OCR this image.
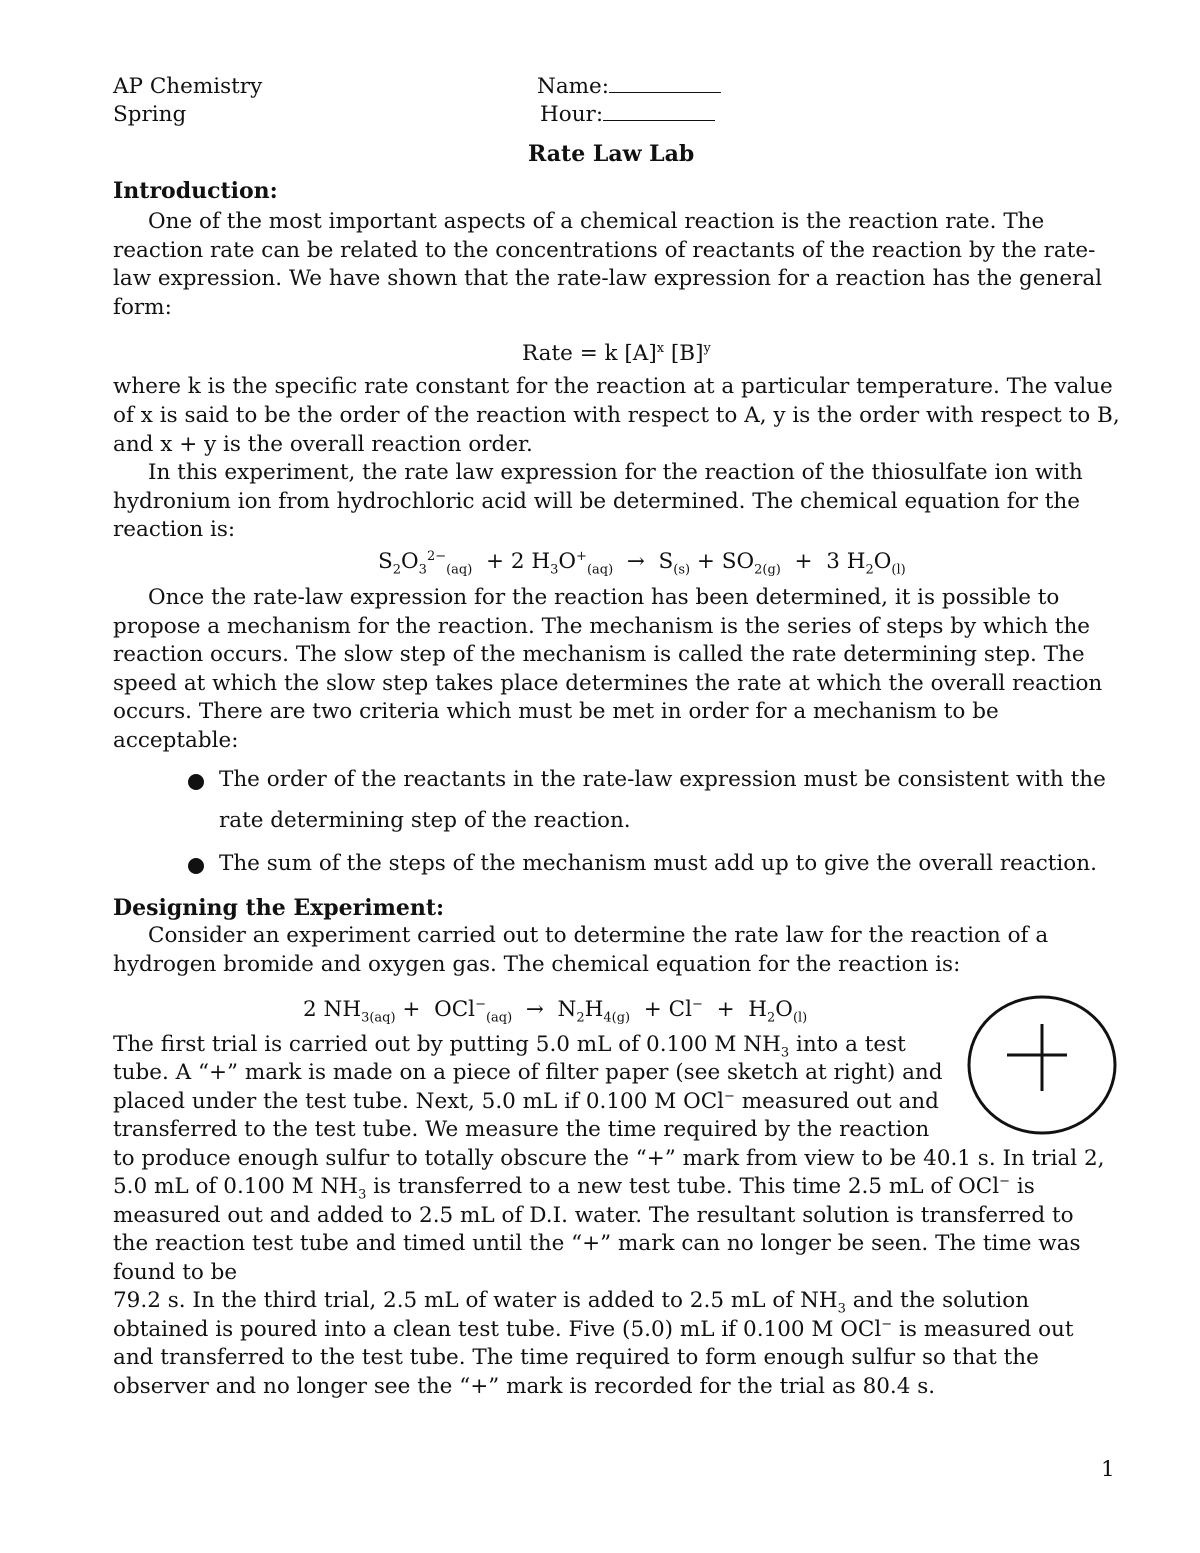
AP Chemistry
Spring
Name:
Hour:
Rate Law Lab
Introduction:
One of the most important aspects of a chemical reaction is the reaction rate. The
reaction rate can be related to the concentrations of reactants of the reaction by the rate-
law expression. We have shown that the rate-law expression for a reaction has the general
form:
Rate = k $[A]^x$ $[B]^y$
where k is the specific rate constant for the reaction at a particular temperature. The value
of x is said to be the order of the reaction with respect to A, y is the order with respect to B,
and x + y is the overall reaction order.
In this experiment, the rate law expression for the reaction of the thiosulfate ion with
hydronium ion from hydrochloric acid will be determined. The chemical equation for the
reaction is:
$S_2O_3^{2-}_{(aq)} + 2$ $H_3O^+_{(aq)} \to S_{(s)} + SO_{2(g)} + 3$ $H_2O_{(l)}$
Once the rate-law expression for the reaction has been determined, it is possible to
propose a mechanism for the reaction. The mechanism is the series of steps by which the
reaction occurs. The slow step of the mechanism is called the rate determining step. The
speed at which the slow step takes place determines the rate at which the overall reaction
occurs. There are two criteria which must be met in order for a mechanism to be
acceptable:
The order of the reactants in the rate-law expression must be consistent with the
rate determining step of the reaction.
The sum of the steps of the mechanism must add up to give the overall reaction.
Designing the Experiment:
Consider an experiment carried out to determine the rate law for the reaction of a
hydrogen bromide and oxygen gas. The chemical equation for the reaction is:
2 $NH_{3(aq)} + OCl^-_{(aq)} \to N_2H_{4(g)} + Cl^- + H_2O_{(l)}$
The first trial is carried out by putting 5.0 mL of 0.100 M $NH_3$ into a test
tube. A “+” mark is made on a piece of filter paper (see sketch at right) and
placed under the test tube. Next, 5.0 mL if 0.100 M OCl− measured out and
transferred to the test tube. We measure the time required by the reaction
to produce enough sulfur to totally obscure the “+” mark from view to be 40.1 s. In trial 2,
5.0 mL of 0.100 M $NH_3$ is transferred to a new test tube. This time 2.5 mL of OCl− is
measured out and added to 2.5 mL of D.I. water. The resultant solution is transferred to
the reaction test tube and timed until the “+” mark can no longer be seen. The time was
found to be
79.2 s. In the third trial, 2.5 mL of water is added to 2.5 mL of $NH_3$ and the solution
obtained is poured into a clean test tube. Five (5.0) mL if 0.100 M OCl− is measured out
and transferred to the test tube. The time required to form enough sulfur so that the
observer and no longer see the “+” mark is recorded for the trial as 80.4 s.
1
